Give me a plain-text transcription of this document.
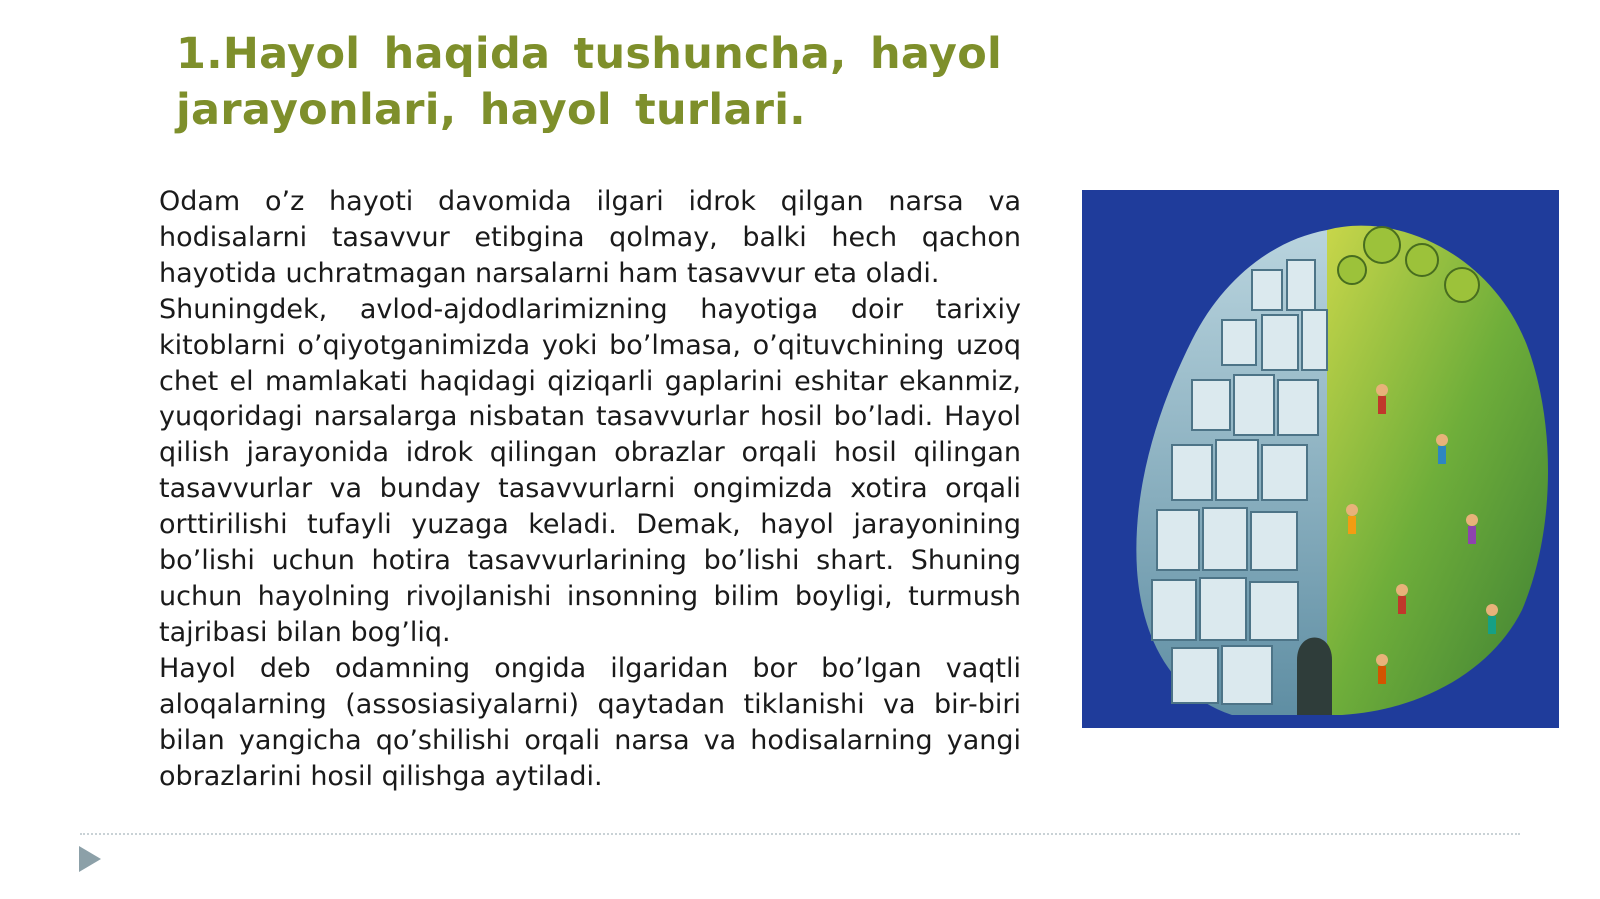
1.Hayol haqida tushuncha, hayol
jarayonlari, hayol turlari.

Odam o’z hayoti davomida ilgari idrok qilgan narsa va hodisalarni tasavvur etibgina qolmay, balki hech qachon hayotida uchratmagan narsalarni ham tasavvur eta oladi.

Shuningdek, avlod-ajdodlarimizning hayotiga doir tarixiy kitoblarni o’qiyotganimizda yoki bo’lmasa, o’qituvchining uzoq chet el mamlakati haqidagi qiziqarli gaplarini eshitar ekanmiz, yuqoridagi narsalarga nisbatan tasavvurlar hosil bo’ladi. Hayol qilish jarayonida idrok qilingan obrazlar orqali hosil qilingan tasavvurlar va bunday tasavvurlarni ongimizda xotira orqali orttirilishi tufayli yuzaga keladi. Demak, hayol jarayonining bo’lishi uchun hotira tasavvurlarining bo’lishi shart. Shuning uchun hayolning rivojlanishi insonning bilim boyligi, turmush tajribasi bilan bog’liq.

Hayol deb odamning ongida ilgaridan bor bo’lgan vaqtli aloqalarning (assosiasiyalarni) qaytadan tiklanishi va bir-biri bilan yangicha qo’shilishi orqali narsa va hodisalarning yangi obrazlarini hosil qilishga aytiladi.
